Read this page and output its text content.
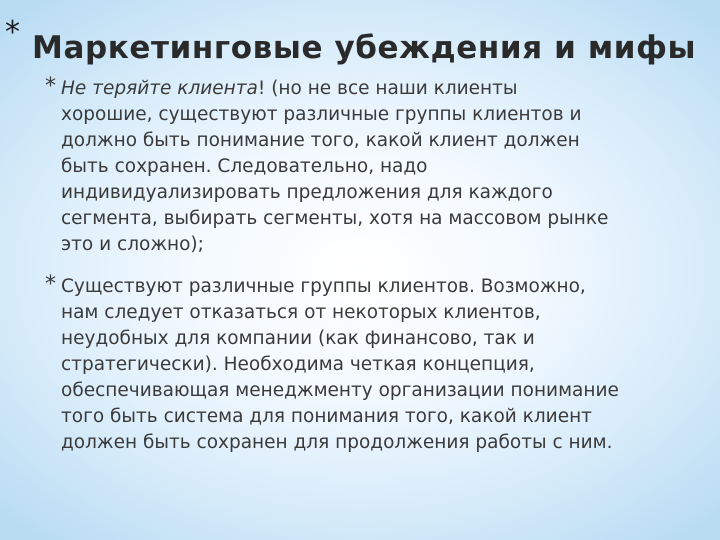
* Маркетинговые убеждения и мифы
* Не теряйте клиента! (но не все наши клиенты
хорошие, существуют различные группы клиентов и
должно быть понимание того, какой клиент должен
быть сохранен. Следовательно, надо
индивидуализировать предложения для каждого
сегмента, выбирать сегменты, хотя на массовом рынке
это и сложно);
* Существуют различные группы клиентов. Возможно,
нам следует отказаться от некоторых клиентов,
неудобных для компании (как финансово, так и
стратегически). Необходима четкая концепция,
обеспечивающая менеджменту организации понимание
того быть система для понимания того, какой клиент
должен быть сохранен для продолжения работы с ним.
